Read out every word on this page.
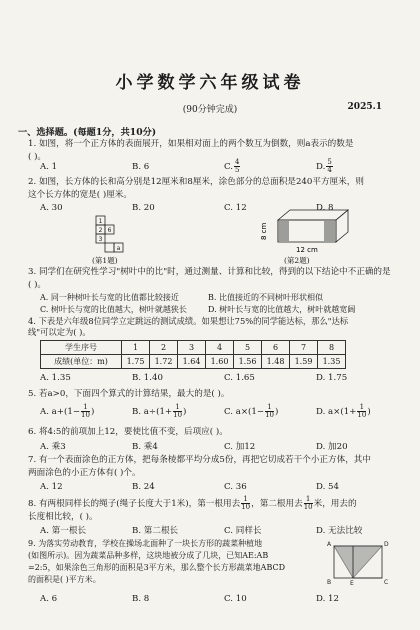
小学数学六年级试卷
(90分钟完成)	2025.1
一、选择题。(每题1分，共10分)
1. 如图，将一个正方体的表面展开，如果相对面上的两个数互为倒数，则a表示的数是
( )。
A. 1	B. 6	C. $\frac{4}{5}$	D. $\frac{5}{4}$
2. 如图，长方体的长和高分别是12厘米和8厘米，涂色部分的总面积是240平方厘米，则
这个长方体的宽是( )厘米。
A. 30	B. 20	C. 12	D. 8
1
2 6
3
a
(第1题)
8 cm
12 cm
(第2题)
3. 同学们在研究性学习"树叶中的比"时，通过测量、计算和比较，得到的以下结论中不正确的是
( )。
A. 同一种树叶长与宽的比值都比较接近	B. 比值接近的不同树叶形状相似
C. 树叶长与宽的比值越大，树叶就越狭长	D. 树叶长与宽的比值越大，树叶就越宽阔
4. 下表是六年级8位同学立定跳远的测试成绩。如果想让75%的同学能达标，那么"达标
线"可以定为( )。
学生序号	1	2	3	4	5	6	7	8
成绩(单位：m)	1.75	1.72	1.64	1.60	1.56	1.48	1.59	1.35
A. 1.35	B. 1.40	C. 1.65	D. 1.75
5. 若a>0，下面四个算式的计算结果，最大的是( )。
A. $a+(1- \frac{1}{10}$ )	B. $a\div(1+ \frac{1}{10}$ )	C. $a\times(1- \frac{1}{10}$ )	D. $a\times(1+ \frac{1}{10}$ )
6. 将4:5的前项加上12，要使比值不变，后项应( )。
A. 乘3	B. 乘4	C. 加12	D. 加20
7. 有一个表面涂色的正方体，把每条棱都平均分成5份，再把它切成若干个小正方体，其中
两面涂色的小正方体有( )个。
A. 12	B. 24	C. 36	D. 54
8. 有两根同样长的绳子(绳子长度大于1米)，第一根用去 $\frac{1}{10}$ ，第二根用去 $\frac{1}{10}$ 米，用去的
长度相比较，( )。
A. 第一根长	B. 第二根长	C. 同样长	D. 无法比较
9. 为落实劳动教育，学校在操场北面种了一块长方形的蔬菜种植地
(如图所示)。因为蔬菜品种多样，这块地被分成了几块，已知AE:AB
=2:5，如果涂色三角形的面积是3平方米，那么整个长方形蔬菜地ABCD
的面积是( )平方米。
A
B	C
D
E
A. 6	B. 8	C. 10	D. 12
